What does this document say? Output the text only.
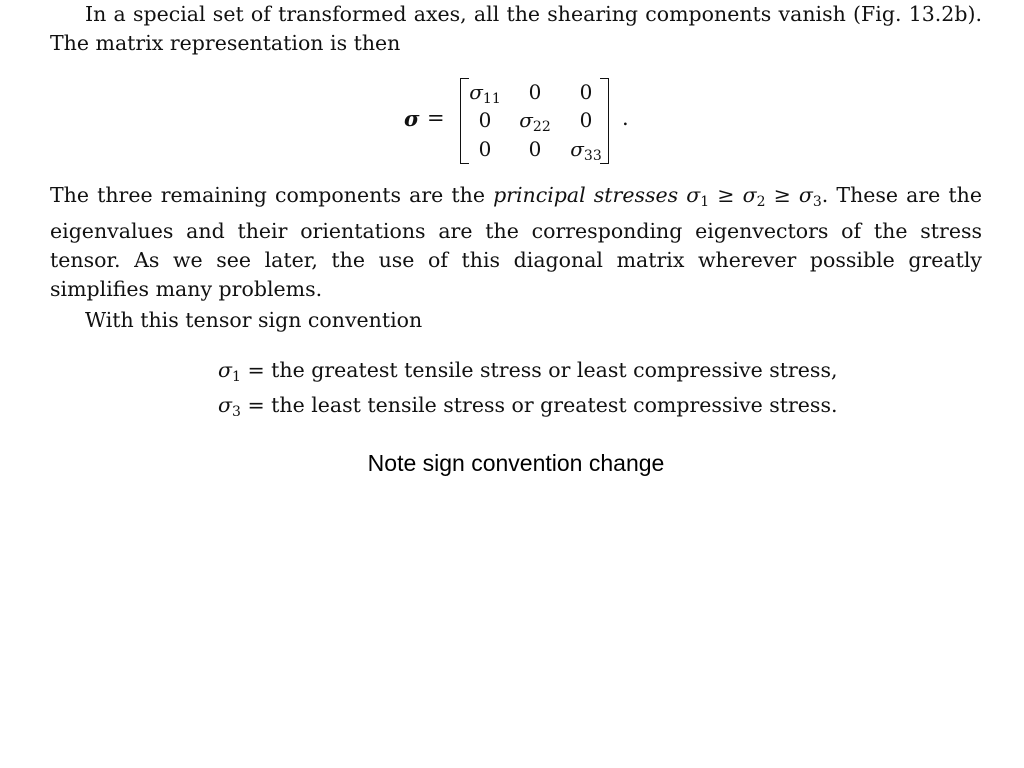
In a special set of transformed axes, all the shearing components vanish (Fig. 13.2b). The matrix representation is then

σ =
$\sigma_{11}$	0	0
0	$\sigma_{22}$	0
0	0	$\sigma_{33}$
.

The three remaining components are the principal stresses $\sigma_1 \ge \sigma_2 \ge \sigma_3$. These are the eigenvalues and their orientations are the corresponding eigenvectors of the stress tensor. As we see later, the use of this diagonal matrix wherever possible greatly simplifies many problems.

With this tensor sign convention

$\sigma_1$ = the greatest tensile stress or least compressive stress,
$\sigma_3$ = the least tensile stress or greatest compressive stress.
Note sign convention change
